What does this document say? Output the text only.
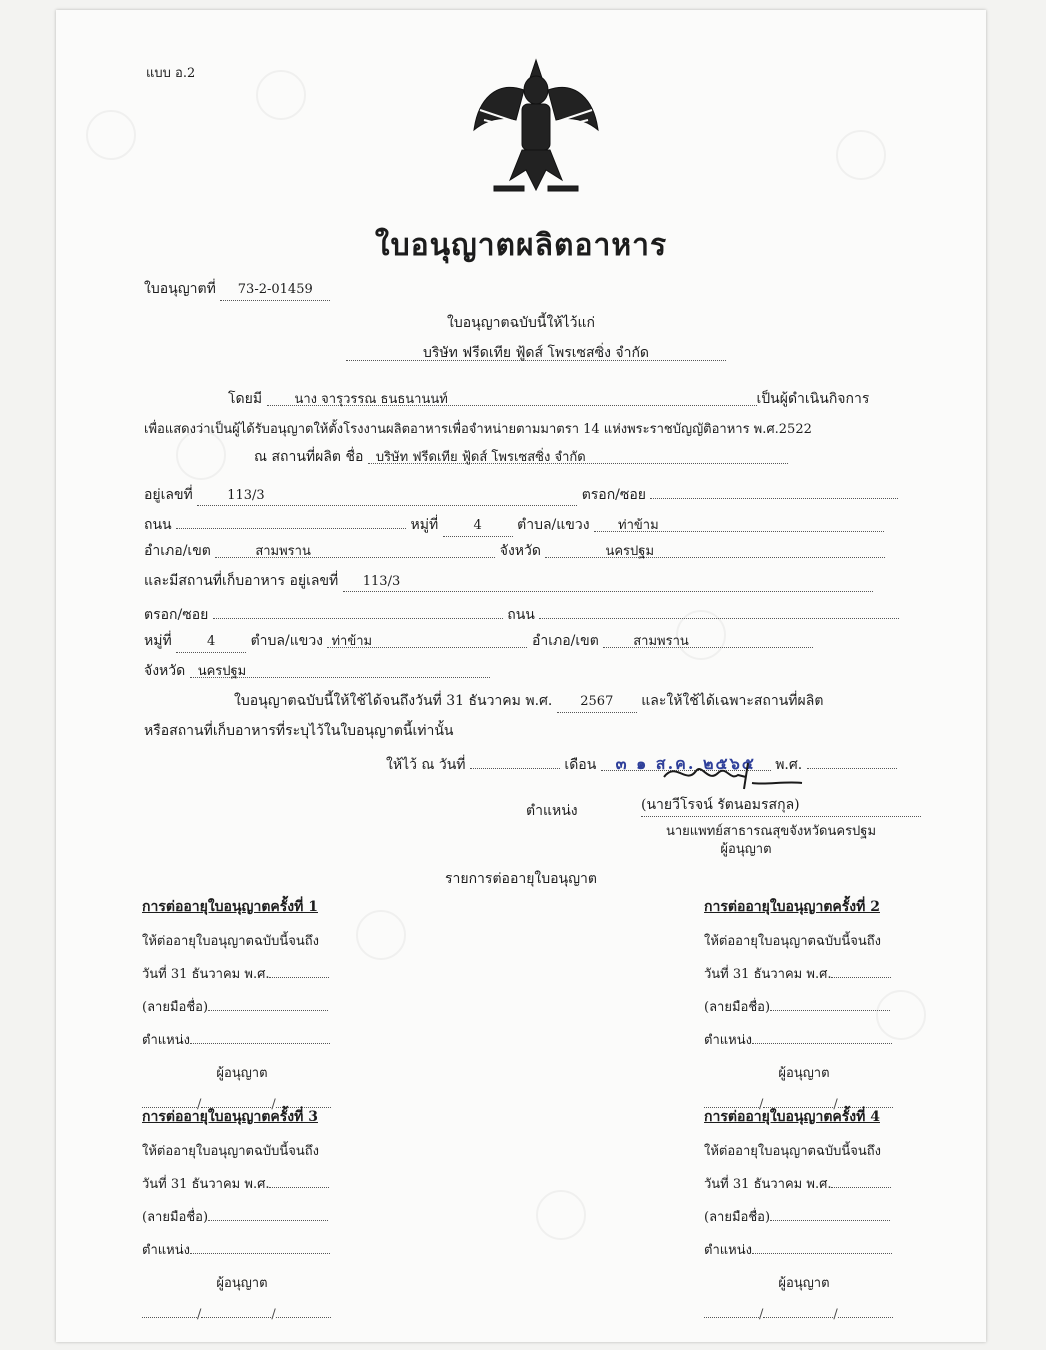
แบบ อ.2
ใบอนุญาตผลิตอาหาร
ใบอนุญาตที่ 73-2-01459
ใบอนุญาตฉบับนี้ให้ไว้แก่
บริษัท ฟรีดเทีย ฟู้ดส์ โพรเซสซิ่ง จำกัด
โดยมี นาง จารุวรรณ ธนธนานนท์	เป็นผู้ดำเนินกิจการ
เพื่อแสดงว่าเป็นผู้ได้รับอนุญาตให้ตั้งโรงงานผลิตอาหารเพื่อจำหน่ายตามมาตรา 14 แห่งพระราชบัญญัติอาหาร พ.ศ.2522
ณ สถานที่ผลิต ชื่อ บริษัท ฟรีดเทีย ฟู้ดส์ โพรเซสซิ่ง จำกัด
อยู่เลขที่	113/3	ตรอก/ซอย
ถนน	หมู่ที่	4	ตำบล/แขวง ท่าข้าม
อำเภอ/เขต	สามพราน	จังหวัด	นครปฐม
และมีสถานที่เก็บอาหาร อยู่เลขที่ 113/3
ตรอก/ซอย	ถนน
หมู่ที่	4	ตำบล/แขวง ท่าข้าม	อำเภอ/เขต	สามพราน
จังหวัด นครปฐม
ใบอนุญาตฉบับนี้ให้ใช้ได้จนถึงวันที่ 31 ธันวาคม พ.ศ. 2567 และให้ใช้ได้เฉพาะสถานที่ผลิต
หรือสถานที่เก็บอาหารที่ระบุไว้ในใบอนุญาตนี้เท่านั้น
ให้ไว้ ณ วันที่	เดือน ๓ ๑ ส.ค. ๒๕๖๕ พ.ศ.
ตำแหน่ง	(นายวีโรจน์ รัตนอมรสกุล)
นายแพทย์สาธารณสุขจังหวัดนครปฐม
ผู้อนุญาต
รายการต่ออายุใบอนุญาต
การต่ออายุใบอนุญาตครั้งที่ 1
ให้ต่ออายุใบอนุญาตฉบับนี้จนถึง
วันที่ 31 ธันวาคม พ.ศ.
(ลายมือชื่อ)
ตำแหน่ง
ผู้อนุญาต
/	/
การต่ออายุใบอนุญาตครั้งที่ 2
ให้ต่ออายุใบอนุญาตฉบับนี้จนถึง
วันที่ 31 ธันวาคม พ.ศ.
(ลายมือชื่อ)
ตำแหน่ง
ผู้อนุญาต
/	/
การต่ออายุใบอนุญาตครั้งที่ 3
ให้ต่ออายุใบอนุญาตฉบับนี้จนถึง
วันที่ 31 ธันวาคม พ.ศ.
(ลายมือชื่อ)
ตำแหน่ง
ผู้อนุญาต
/	/
การต่ออายุใบอนุญาตครั้งที่ 4
ให้ต่ออายุใบอนุญาตฉบับนี้จนถึง
วันที่ 31 ธันวาคม พ.ศ.
(ลายมือชื่อ)
ตำแหน่ง
ผู้อนุญาต
/	/
